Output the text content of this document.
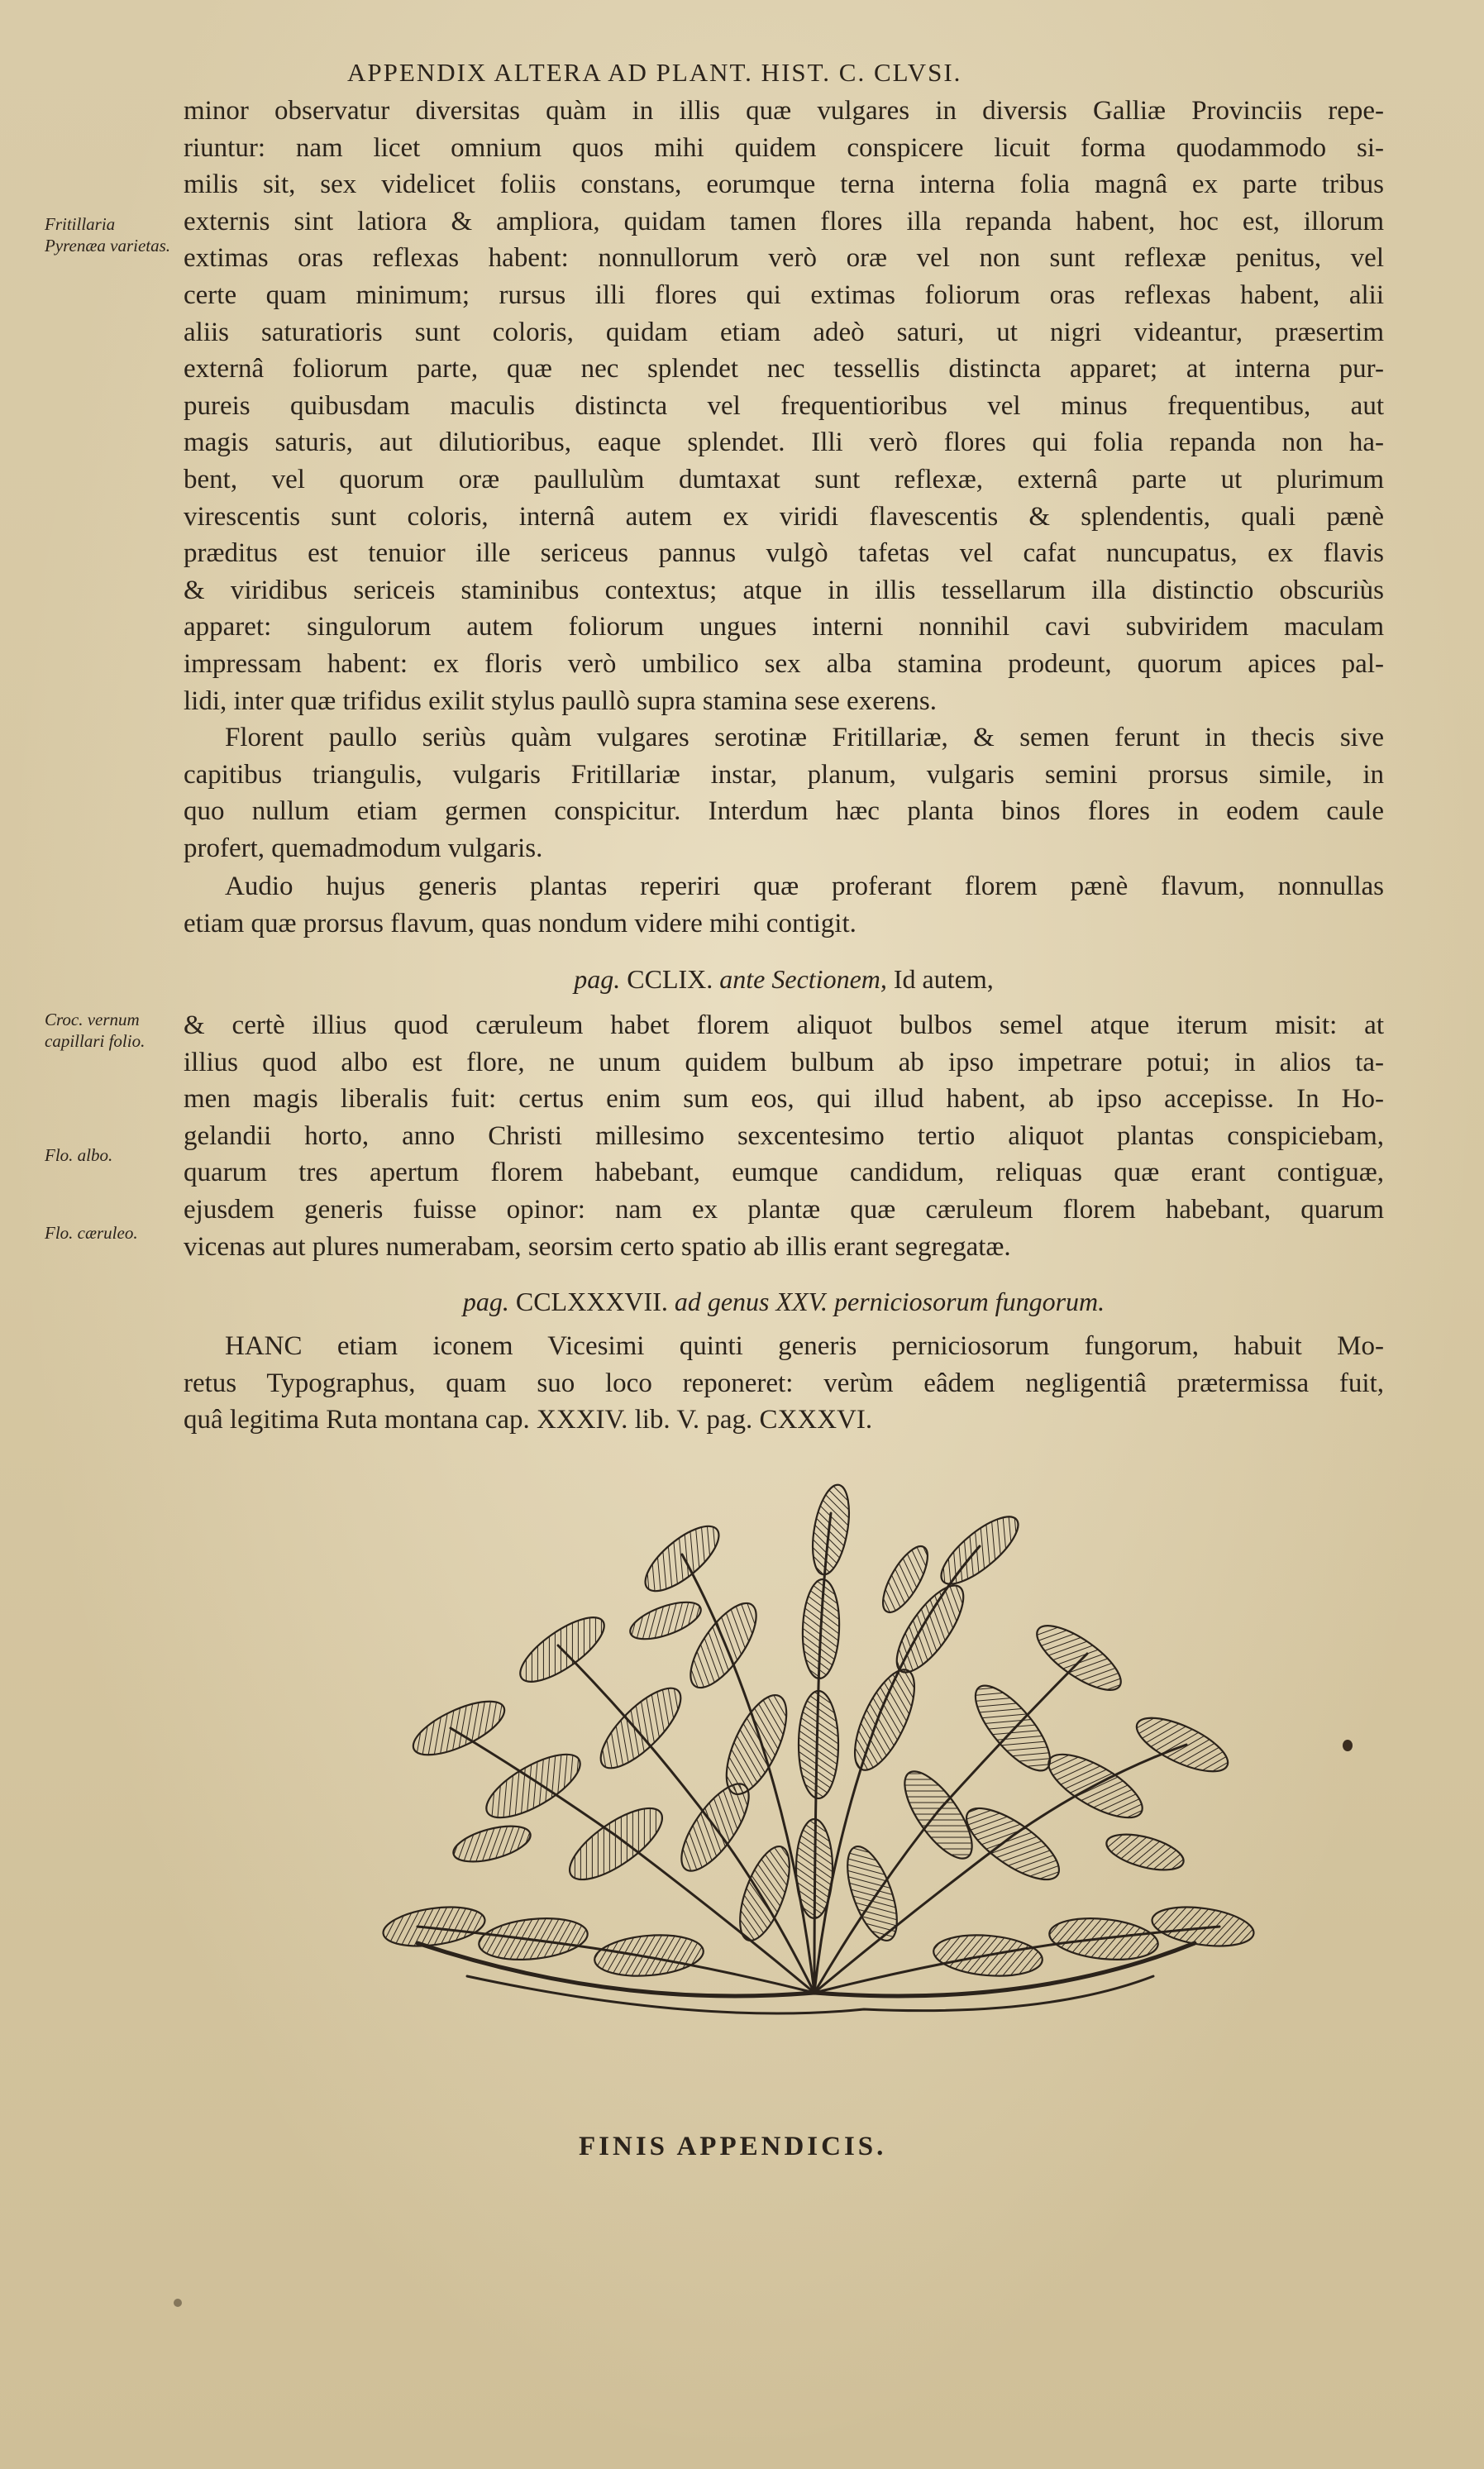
APPENDIX ALTERA AD PLANT. HIST. C. CLVSI.
minor observatur diversitas quàm in illis quæ vulgares in diversis Galliæ Provinciis repe-
riuntur: nam licet omnium quos mihi quidem conspicere licuit forma quodammodo si-
milis sit, sex videlicet foliis constans, eorumque terna interna folia magnâ ex parte tribus
externis sint latiora & ampliora, quidam tamen flores illa repanda habent, hoc est, illorum
extimas oras reflexas habent: nonnullorum verò oræ vel non sunt reflexæ penitus, vel
certe quam minimum; rursus illi flores qui extimas foliorum oras reflexas habent, alii
aliis saturatioris sunt coloris, quidam etiam adeò saturi, ut nigri videantur, præsertim
externâ foliorum parte, quæ nec splendet nec tessellis distincta apparet; at interna pur-
pureis quibusdam maculis distincta vel frequentioribus vel minus frequentibus, aut
magis saturis, aut dilutioribus, eaque splendet. Illi verò flores qui folia repanda non ha-
bent, vel quorum oræ paullulùm dumtaxat sunt reflexæ, externâ parte ut plurimum
virescentis sunt coloris, internâ autem ex viridi flavescentis & splendentis, quali pænè
præditus est tenuior ille sericeus pannus vulgò tafetas vel cafat nuncupatus, ex flavis
& viridibus sericeis staminibus contextus; atque in illis tessellarum illa distinctio obscuriùs
apparet: singulorum autem foliorum ungues interni nonnihil cavi subviridem maculam
impressam habent: ex floris verò umbilico sex alba stamina prodeunt, quorum apices pal-
lidi, inter quæ trifidus exilit stylus paullò supra stamina sese exerens.
Florent paullo seriùs quàm vulgares serotinæ Fritillariæ, & semen ferunt in thecis sive
capitibus triangulis, vulgaris Fritillariæ instar, planum, vulgaris semini prorsus simile, in
quo nullum etiam germen conspicitur. Interdum hæc planta binos flores in eodem caule
profert, quemadmodum vulgaris.
Audio hujus generis plantas reperiri quæ proferant florem pænè flavum, nonnullas
etiam quæ prorsus flavum, quas nondum videre mihi contigit.
pag. CCLIX. ante Sectionem, Id autem,
& certè illius quod cæruleum habet florem aliquot bulbos semel atque iterum misit: at
illius quod albo est flore, ne unum quidem bulbum ab ipso impetrare potui; in alios ta-
men magis liberalis fuit: certus enim sum eos, qui illud habent, ab ipso accepisse. In Ho-
gelandii horto, anno Christi millesimo sexcentesimo tertio aliquot plantas conspiciebam,
quarum tres apertum florem habebant, eumque candidum, reliquas quæ erant contiguæ,
ejusdem generis fuisse opinor: nam ex plantæ quæ cæruleum florem habebant, quarum
vicenas aut plures numerabam, seorsim certo spatio ab illis erant segregatæ.
pag. CCLXXXVII. ad genus XXV. perniciosorum fungorum.
HANC etiam iconem Vicesimi quinti generis perniciosorum fungorum, habuit Mo-
retus Typographus, quam suo loco reponeret: verùm eâdem negligentiâ prætermissa fuit,
quâ legitima Ruta montana cap. XXXIV. lib. V. pag. CXXXVI.
Fritillaria Pyrenæa varietas.
Croc. vernum capillari folio.
Flo. albo.
Flo. cæruleo.
FINIS APPENDICIS.
